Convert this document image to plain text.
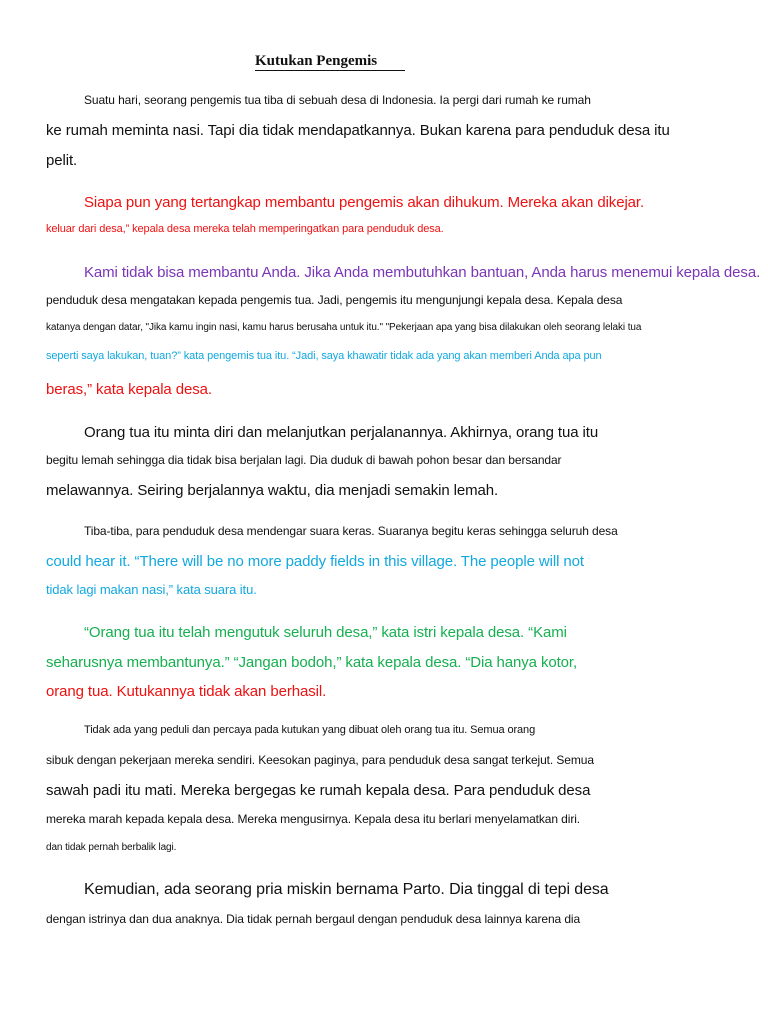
Kutukan Pengemis

Suatu hari, seorang pengemis tua tiba di sebuah desa di Indonesia. Ia pergi dari rumah ke rumah

ke rumah meminta nasi. Tapi dia tidak mendapatkannya. Bukan karena para penduduk desa itu

pelit.

Siapa pun yang tertangkap membantu pengemis akan dihukum. Mereka akan dikejar.

keluar dari desa,” kepala desa mereka telah memperingatkan para penduduk desa.

Kami tidak bisa membantu Anda. Jika Anda membutuhkan bantuan, Anda harus menemui kepala desa.

penduduk desa mengatakan kepada pengemis tua. Jadi, pengemis itu mengunjungi kepala desa. Kepala desa

katanya dengan datar, "Jika kamu ingin nasi, kamu harus berusaha untuk itu." "Pekerjaan apa yang bisa dilakukan oleh seorang lelaki tua

seperti saya lakukan, tuan?” kata pengemis tua itu. “Jadi, saya khawatir tidak ada yang akan memberi Anda apa pun

beras,” kata kepala desa.

Orang tua itu minta diri dan melanjutkan perjalanannya. Akhirnya, orang tua itu

begitu lemah sehingga dia tidak bisa berjalan lagi. Dia duduk di bawah pohon besar dan bersandar

melawannya. Seiring berjalannya waktu, dia menjadi semakin lemah.

Tiba-tiba, para penduduk desa mendengar suara keras. Suaranya begitu keras sehingga seluruh desa

could hear it. “There will be no more paddy fields in this village. The people will not

tidak lagi makan nasi,” kata suara itu.

“Orang tua itu telah mengutuk seluruh desa,” kata istri kepala desa. “Kami

seharusnya membantunya.” “Jangan bodoh,” kata kepala desa. “Dia hanya kotor,

orang tua. Kutukannya tidak akan berhasil.

Tidak ada yang peduli dan percaya pada kutukan yang dibuat oleh orang tua itu. Semua orang

sibuk dengan pekerjaan mereka sendiri. Keesokan paginya, para penduduk desa sangat terkejut. Semua

sawah padi itu mati. Mereka bergegas ke rumah kepala desa. Para penduduk desa

mereka marah kepada kepala desa. Mereka mengusirnya. Kepala desa itu berlari menyelamatkan diri.

dan tidak pernah berbalik lagi.

Kemudian, ada seorang pria miskin bernama Parto. Dia tinggal di tepi desa

dengan istrinya dan dua anaknya. Dia tidak pernah bergaul dengan penduduk desa lainnya karena dia
